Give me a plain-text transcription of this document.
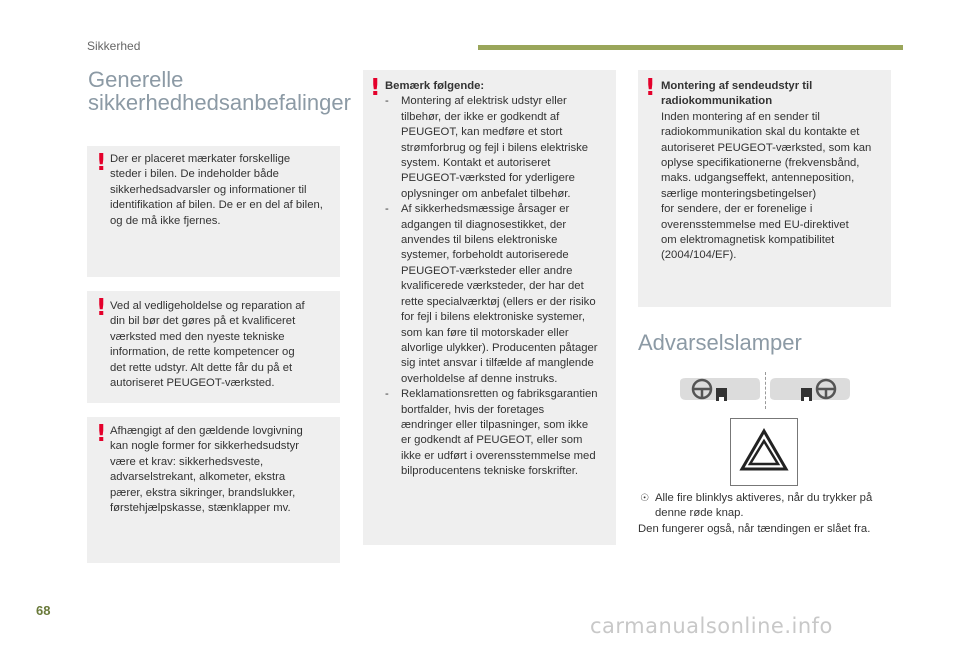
Sikkerhed
Generelle
sikkerhedhedsanbefalinger
! Der er placeret mærkater forskellige
steder i bilen. De indeholder både
sikkerhedsadvarsler og informationer til
identifikation af bilen. De er en del af bilen,
og de må ikke fjernes.
! Ved al vedligeholdelse og reparation af
din bil bør det gøres på et kvalificeret
værksted med den nyeste tekniske
information, de rette kompetencer og
det rette udstyr. Alt dette får du på et
autoriseret PEUGEOT-værksted.
! Afhængigt af den gældende lovgivning
kan nogle former for sikkerhedsudstyr
være et krav: sikkerhedsveste,
advarselstrekant, alkometer, ekstra
pærer, ekstra sikringer, brandslukker,
førstehjælpskasse, stænklapper mv.
! Bemærk følgende:
- Montering af elektrisk udstyr eller
tilbehør, der ikke er godkendt af
PEUGEOT, kan medføre et stort
strømforbrug og fejl i bilens elektriske
system. Kontakt et autoriseret
PEUGEOT-værksted for yderligere
oplysninger om anbefalet tilbehør.
- Af sikkerhedsmæssige årsager er
adgangen til diagnosestikket, der
anvendes til bilens elektroniske
systemer, forbeholdt autoriserede
PEUGEOT-værksteder eller andre
kvalificerede værksteder, der har det
rette specialværktøj (ellers er der risiko
for fejl i bilens elektroniske systemer,
som kan føre til motorskader eller
alvorlige ulykker). Producenten påtager
sig intet ansvar i tilfælde af manglende
overholdelse af denne instruks.
- Reklamationsretten og fabriksgarantien
bortfalder, hvis der foretages
ændringer eller tilpasninger, som ikke
er godkendt af PEUGEOT, eller som
ikke er udført i overensstemmelse med
bilproducentens tekniske forskrifter.
! Montering af sendeudstyr til
radiokommunikation
Inden montering af en sender til
radiokommunikation skal du kontakte et
autoriseret PEUGEOT-værksted, som kan
oplyse specifikationerne (frekvensbånd,
maks. udgangseffekt, antenneposition,
særlige monteringsbetingelser)
for sendere, der er forenelige i
overensstemmelse med EU-direktivet
om elektromagnetisk kompatibilitet
(2004/104/EF).
Advarselslamper
☉ Alle fire blinklys aktiveres, når du trykker på
denne røde knap.
Den fungerer også, når tændingen er slået fra.
68
carmanualsonline.info
